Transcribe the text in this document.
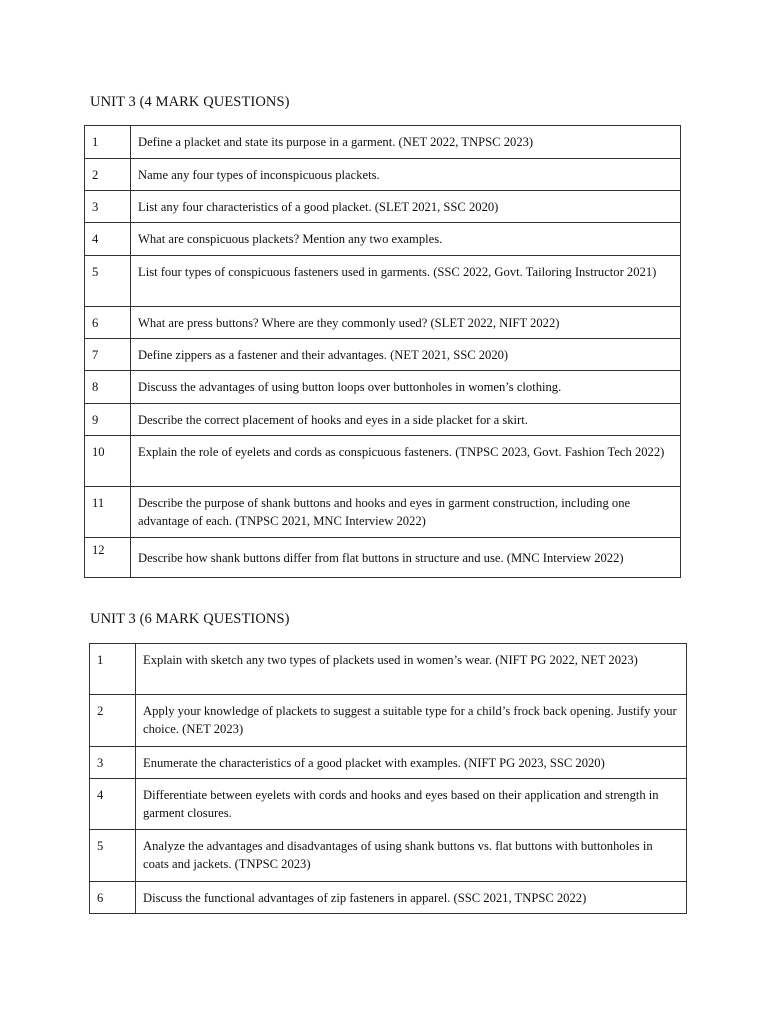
UNIT 3 (4 MARK QUESTIONS)
1	Define a placket and state its purpose in a garment. (NET 2022, TNPSC 2023)
2	Name any four types of inconspicuous plackets.
3	List any four characteristics of a good placket. (SLET 2021, SSC 2020)
4	What are conspicuous plackets? Mention any two examples.
5	List four types of conspicuous fasteners used in garments. (SSC 2022, Govt. Tailoring Instructor 2021)
6	What are press buttons? Where are they commonly used? (SLET 2022, NIFT 2022)
7	Define zippers as a fastener and their advantages. (NET 2021, SSC 2020)
8	Discuss the advantages of using button loops over buttonholes in women’s clothing.
9	Describe the correct placement of hooks and eyes in a side placket for a skirt.
10	Explain the role of eyelets and cords as conspicuous fasteners. (TNPSC 2023, Govt. Fashion Tech 2022)
11	Describe the purpose of shank buttons and hooks and eyes in garment construction, including one advantage of each. (TNPSC 2021, MNC Interview 2022)
12	Describe how shank buttons differ from flat buttons in structure and use. (MNC Interview 2022)
UNIT 3 (6 MARK QUESTIONS)
1	Explain with sketch any two types of plackets used in women’s wear. (NIFT PG 2022, NET 2023)
2	Apply your knowledge of plackets to suggest a suitable type for a child’s frock back opening. Justify your choice. (NET 2023)
3	Enumerate the characteristics of a good placket with examples. (NIFT PG 2023, SSC 2020)
4	Differentiate between eyelets with cords and hooks and eyes based on their application and strength in garment closures.
5	Analyze the advantages and disadvantages of using shank buttons vs. flat buttons with buttonholes in coats and jackets. (TNPSC 2023)
6	Discuss the functional advantages of zip fasteners in apparel. (SSC 2021, TNPSC 2022)
